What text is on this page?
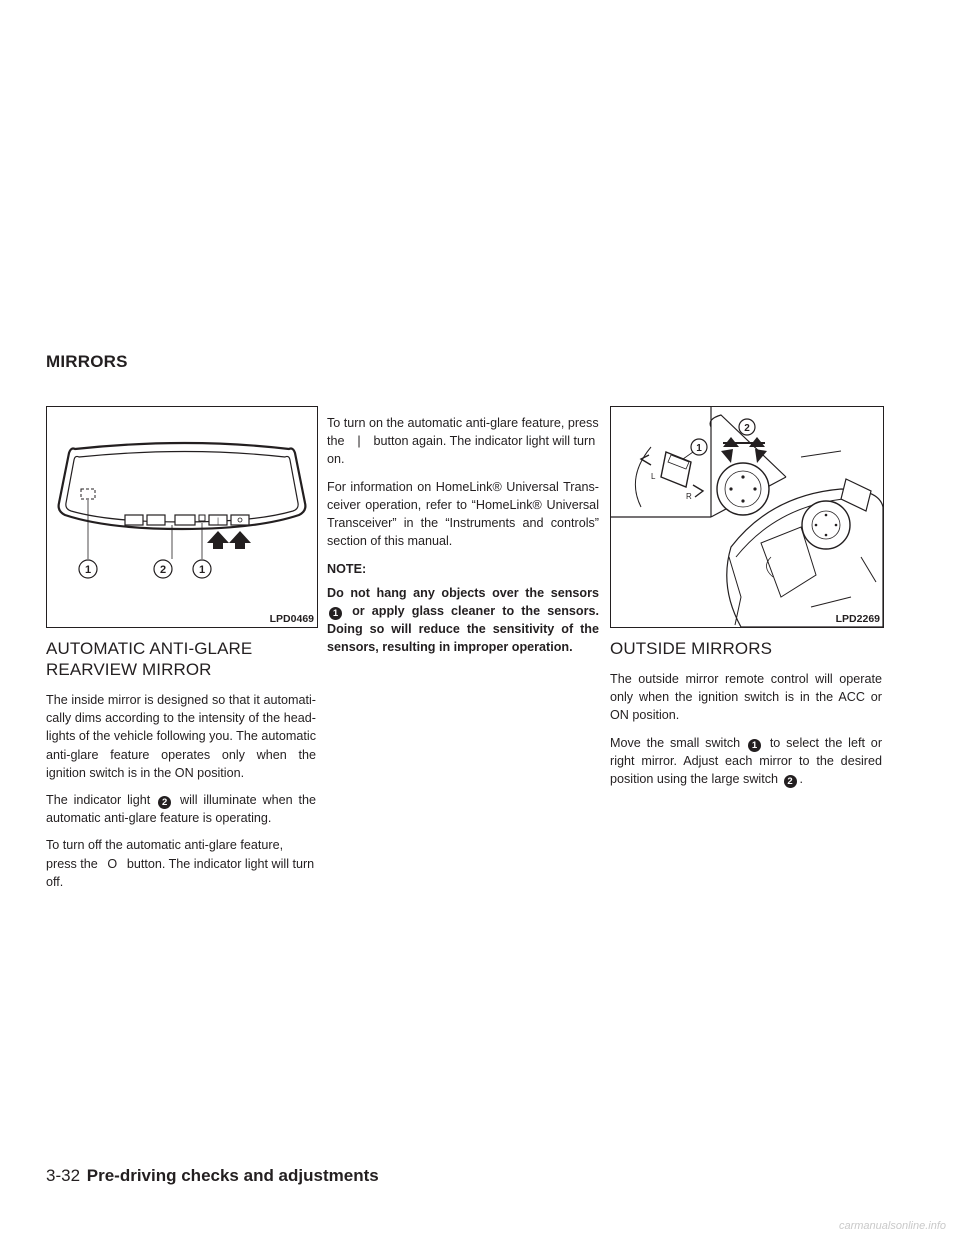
MIRRORS
|
1	2	1
LPD0469
L
R
1
2
LPD2269
AUTOMATIC ANTI-GLARE
REARVIEW MIRROR

The inside mirror is designed so that it automati-cally dims according to the intensity of the head-lights of the vehicle following you. The automatic anti-glare feature operates only when the ignition switch is in the ON position.

The indicator light 2 will illuminate when the automatic anti-glare feature is operating.

To turn off the automatic anti-glare feature, press the O button. The indicator light will turn off.

To turn on the automatic anti-glare feature, press the | button again. The indicator light will turn on.

For information on HomeLink® Universal Trans-ceiver operation, refer to “HomeLink® Universal Transceiver” in the “Instruments and controls” section of this manual.

NOTE:

Do not hang any objects over the sensors 1 or apply glass cleaner to the sensors. Doing so will reduce the sensitivity of the sensors, resulting in improper operation.	OUTSIDE MIRRORS

The outside mirror remote control will operate only when the ignition switch is in the ACC or ON position.

Move the small switch 1 to select the left or right mirror. Adjust each mirror to the desired position using the large switch 2 .

3-32 Pre-driving checks and adjustments
carmanualsonline.info
